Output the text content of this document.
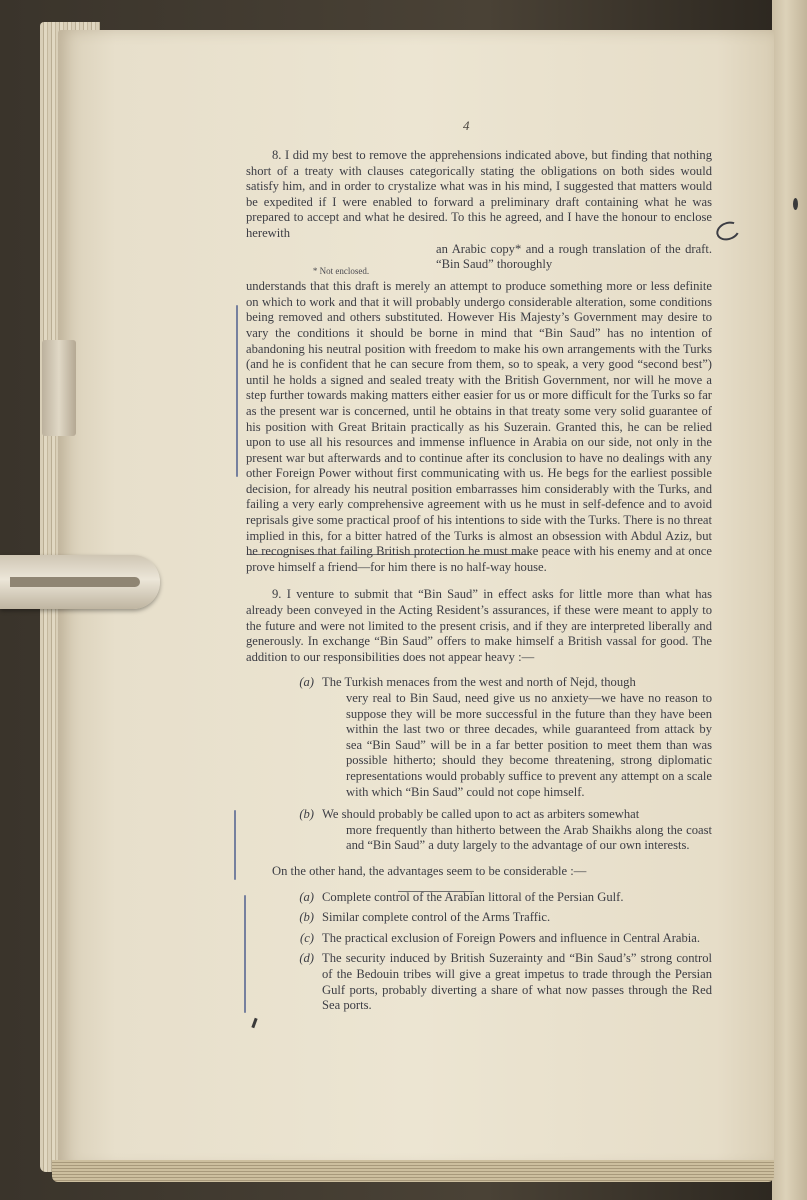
4

8. I did my best to remove the apprehensions indicated above, but finding that nothing short of a treaty with clauses categorically stating the obligations on both sides would satisfy him, and in order to crystalize what was in his mind, I suggested that matters would be expedited if I were enabled to forward a preliminary draft containing what he was prepared to accept and what he desired. To this he agreed, and I have the honour to enclose herewith

* Not enclosed.
an Arabic copy* and a rough translation of the draft. “Bin Saud” thoroughly

understands that this draft is merely an attempt to produce something more or less definite on which to work and that it will probably undergo considerable alteration, some conditions being removed and others substituted. However His Majesty’s Government may desire to vary the conditions it should be borne in mind that “Bin Saud” has no intention of abandoning his neutral position with freedom to make his own arrangements with the Turks (and he is confident that he can secure from them, so to speak, a very good “second best”) until he holds a signed and sealed treaty with the British Government, nor will he move a step further towards making matters either easier for us or more difficult for the Turks so far as the present war is concerned, until he obtains in that treaty some very solid guarantee of his position with Great Britain practically as his Suzerain. Granted this, he can be relied upon to use all his resources and immense influence in Arabia on our side, not only in the present war but afterwards and to continue after its conclusion to have no dealings with any other Foreign Power without first communicating with us. He begs for the earliest possible decision, for already his neutral position embarrasses him considerably with the Turks, and failing a very early comprehensive agreement with us he must in self-defence and to avoid reprisals give some practical proof of his intentions to side with the Turks. There is no threat implied in this, for a bitter hatred of the Turks is almost an obsession with Abdul Aziz, but he recognises that failing British protection he must make peace with his enemy and at once prove himself a friend—for him there is no half-way house.

9. I venture to submit that “Bin Saud” in effect asks for little more than what has already been conveyed in the Acting Resident’s assurances, if these were meant to apply to the future and were not limited to the present crisis, and if they are interpreted liberally and generously. In exchange “Bin Saud” offers to make himself a British vassal for good. The addition to our responsibilities does not appear heavy :—

(a) The Turkish menaces from the west and north of Nejd, though
very real to Bin Saud, need give us no anxiety—we have no reason to suppose they will be more successful in the future than they have been within the last two or three decades, while guaranteed from attack by sea “Bin Saud” will be in a far better position to meet them than was possible hitherto; should they become threatening, strong diplomatic representations would probably suffice to prevent any attempt on a scale with which “Bin Saud” could not cope himself.
(b) We should probably be called upon to act as arbiters somewhat
more frequently than hitherto between the Arab Shaikhs along the coast and “Bin Saud” a duty largely to the advantage of our own interests.

On the other hand, the advantages seem to be considerable :—

(a) Complete control of the Arabian littoral of the Persian Gulf.
(b) Similar complete control of the Arms Traffic.
(c) The practical exclusion of Foreign Powers and influence in Central Arabia.
(d) The security induced by British Suzerainty and “Bin Saud’s” strong control of the Bedouin tribes will give a great impetus to trade through the Persian Gulf ports, probably diverting a share of what now passes through the Red Sea ports.
